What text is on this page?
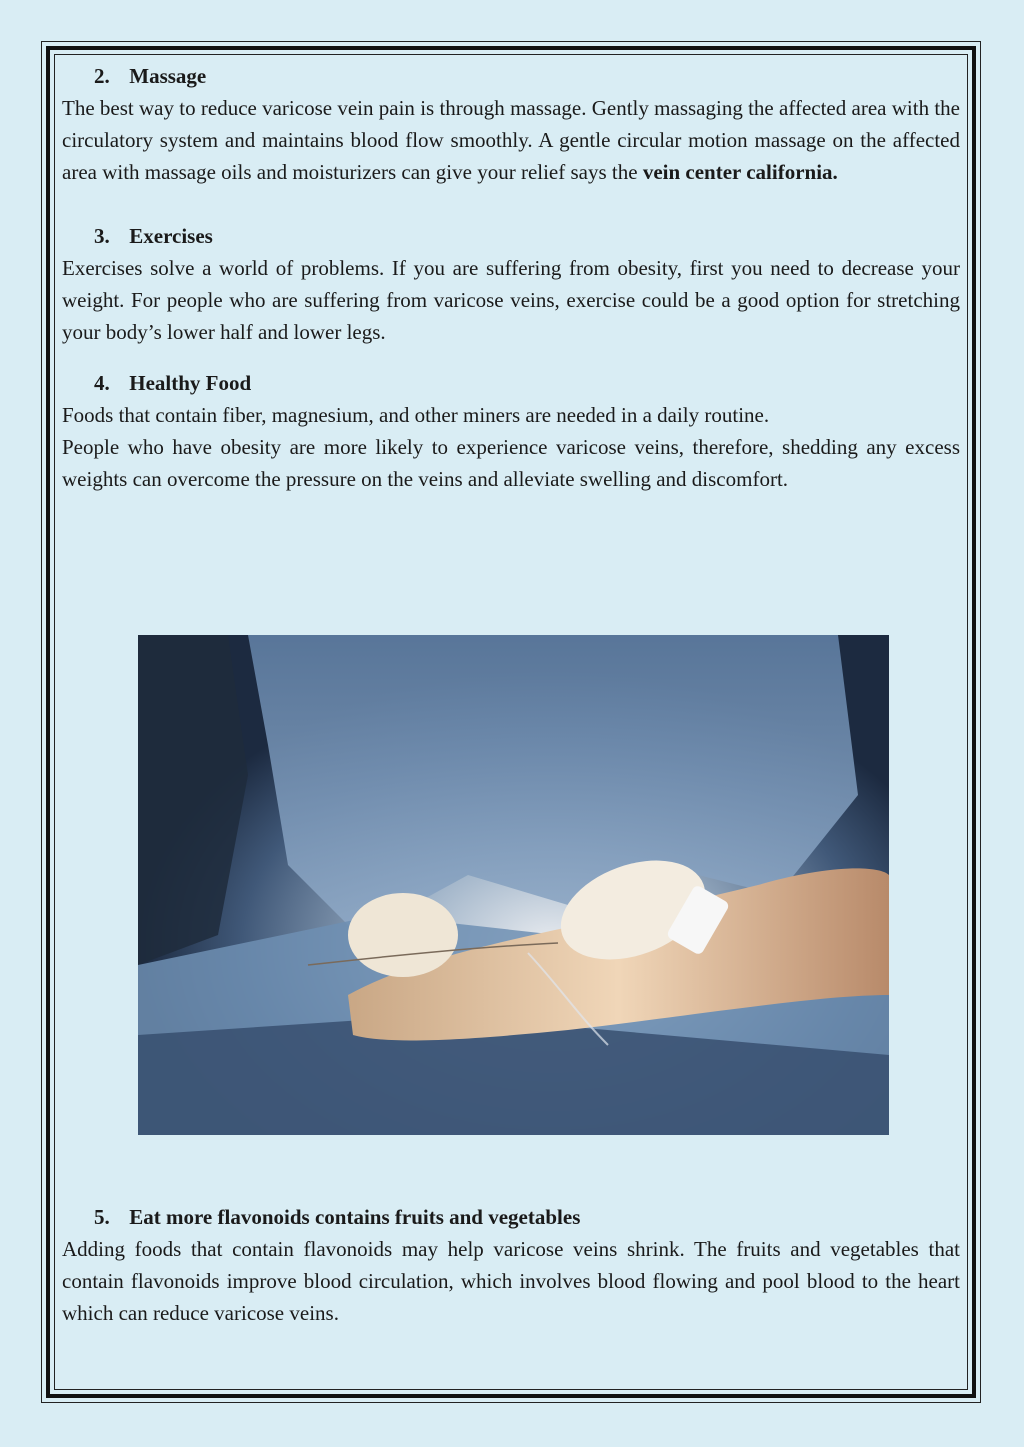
2. Massage

The best way to reduce varicose vein pain is through massage. Gently massaging the affected area with the circulatory system and maintains blood flow smoothly. A gentle circular motion massage on the affected area with massage oils and moisturizers can give your relief says the vein center california.

3. Exercises

Exercises solve a world of problems. If you are suffering from obesity, first you need to decrease your weight. For people who are suffering from varicose veins, exercise could be a good option for stretching your body’s lower half and lower legs.

4. Healthy Food

Foods that contain fiber, magnesium, and other miners are needed in a daily routine.

People who have obesity are more likely to experience varicose veins, therefore, shedding any excess weights can overcome the pressure on the veins and alleviate swelling and discomfort.

5. Eat more flavonoids contains fruits and vegetables

Adding foods that contain flavonoids may help varicose veins shrink. The fruits and vegetables that contain flavonoids improve blood circulation, which involves blood flowing and pool blood to the heart which can reduce varicose veins.
